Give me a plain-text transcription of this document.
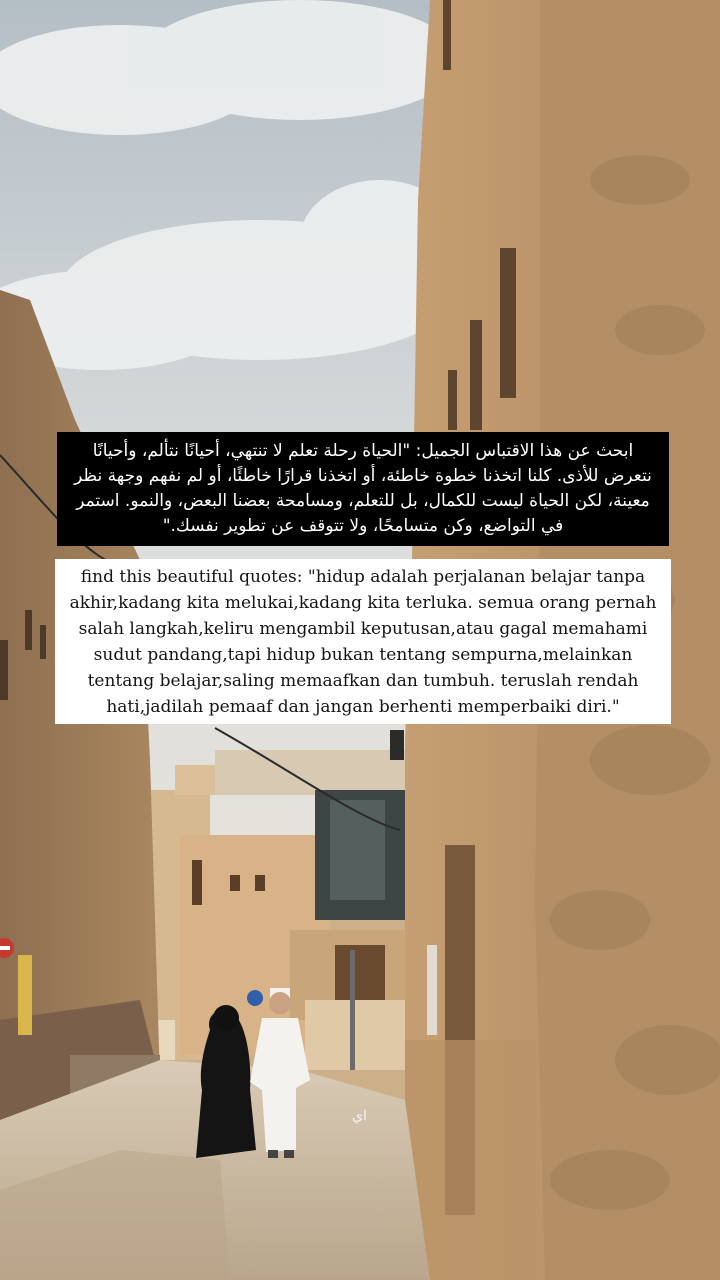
ابحث عن هذا الاقتباس الجميل: "الحياة رحلة تعلم لا تنتهي، أحيانًا نتألم، وأحيانًا نتعرض للأذى. كلنا اتخذنا خطوة خاطئة، أو اتخذنا قرارًا خاطئًا، أو لم نفهم وجهة نظر معينة، لكن الحياة ليست للكمال، بل للتعلم، ومسامحة بعضنا البعض، والنمو. استمر في التواضع، وكن متسامحًا، ولا تتوقف عن تطوير نفسك."
find this beautiful quotes: "hidup adalah perjalanan belajar tanpa akhir,kadang kita melukai,kadang kita terluka. semua orang pernah salah langkah,keliru mengambil keputusan,atau gagal memahami sudut pandang,tapi hidup bukan tentang sempurna,melainkan tentang belajar,saling memaafkan dan tumbuh. teruslah rendah hati,jadilah pemaaf dan jangan berhenti memperbaiki diri."
اي
